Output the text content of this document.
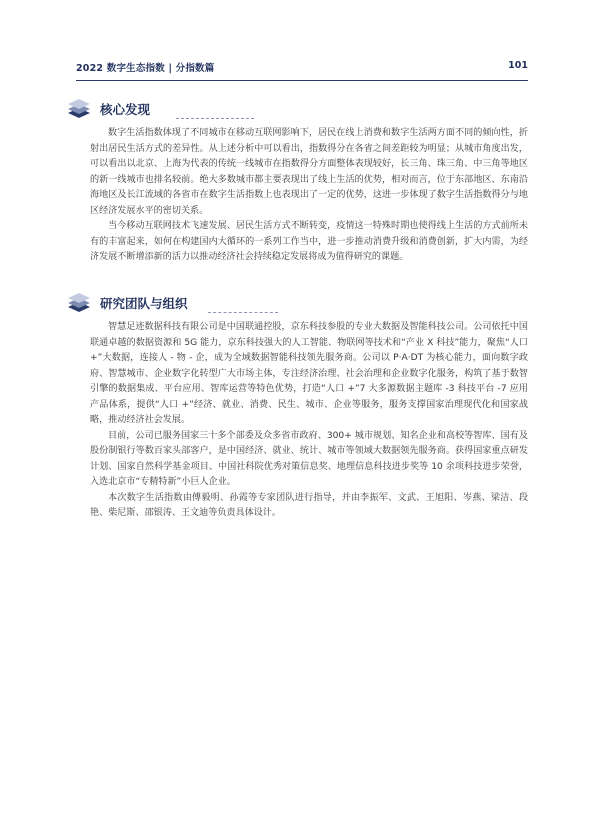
2022 数字生态指数 | 分指数篇	101
核心发现

数字生活指数体现了不同城市在移动互联网影响下，居民在线上消费和数字生活两方面不同的倾向性，折射出居民生活方式的差异性。从上述分析中可以看出，指数得分在各省之间差距较为明显；从城市角度出发，可以看出以北京、上海为代表的传统一线城市在指数得分方面整体表现较好，长三角、珠三角、中三角等地区的新一线城市也排名较前。绝大多数城市都主要表现出了线上生活的优势，相对而言，位于东部地区、东南沿海地区及长江流域的各省市在数字生活指数上也表现出了一定的优势，这进一步体现了数字生活指数得分与地区经济发展水平的密切关系。

当今移动互联网技术飞速发展、居民生活方式不断转变，疫情这一特殊时期也使得线上生活的方式前所未有的丰富起来，如何在构建国内大循环的一系列工作当中，进一步推动消费升级和消费创新，扩大内需，为经济发展不断增添新的活力以推动经济社会持续稳定发展将成为值得研究的课题。

研究团队与组织

智慧足迹数据科技有限公司是中国联通控股，京东科技参股的专业大数据及智能科技公司。公司依托中国联通卓越的数据资源和 5G 能力，京东科技强大的人工智能、物联网等技术和“产业 X 科技”能力，聚焦“人口 +”大数据，连接人 - 物 - 企，成为全域数据智能科技领先服务商。公司以 P·A·DT 为核心能力，面向数字政府、智慧城市、企业数字化转型广大市场主体，专注经济治理、社会治理和企业数字化服务，构筑了基于数智引擎的数据集成、平台应用、智库运营等特色优势，打造“人口 +”7 大多源数据主题库 -3 科技平台 -7 应用产品体系，提供“人口 +”经济、就业、消费、民生、城市、企业等服务，服务支撑国家治理现代化和国家战略，推动经济社会发展。

目前，公司已服务国家三十多个部委及众多省市政府、300+ 城市规划、知名企业和高校等智库、国有及股份制银行等数百家头部客户，是中国经济、就业、统计、城市等领域大数据领先服务商。获得国家重点研发计划、国家自然科学基金项目、中国社科院优秀对策信息奖、地理信息科技进步奖等 10 余项科技进步荣誉，入选北京市“专精特新”小巨人企业。

本次数字生活指数由傅毅明、孙霞等专家团队进行指导，并由李振军、文武、王旭阳、岑燕、梁洁、段艳、柴尼斯、邵银涛、王文迪等负责具体设计。
